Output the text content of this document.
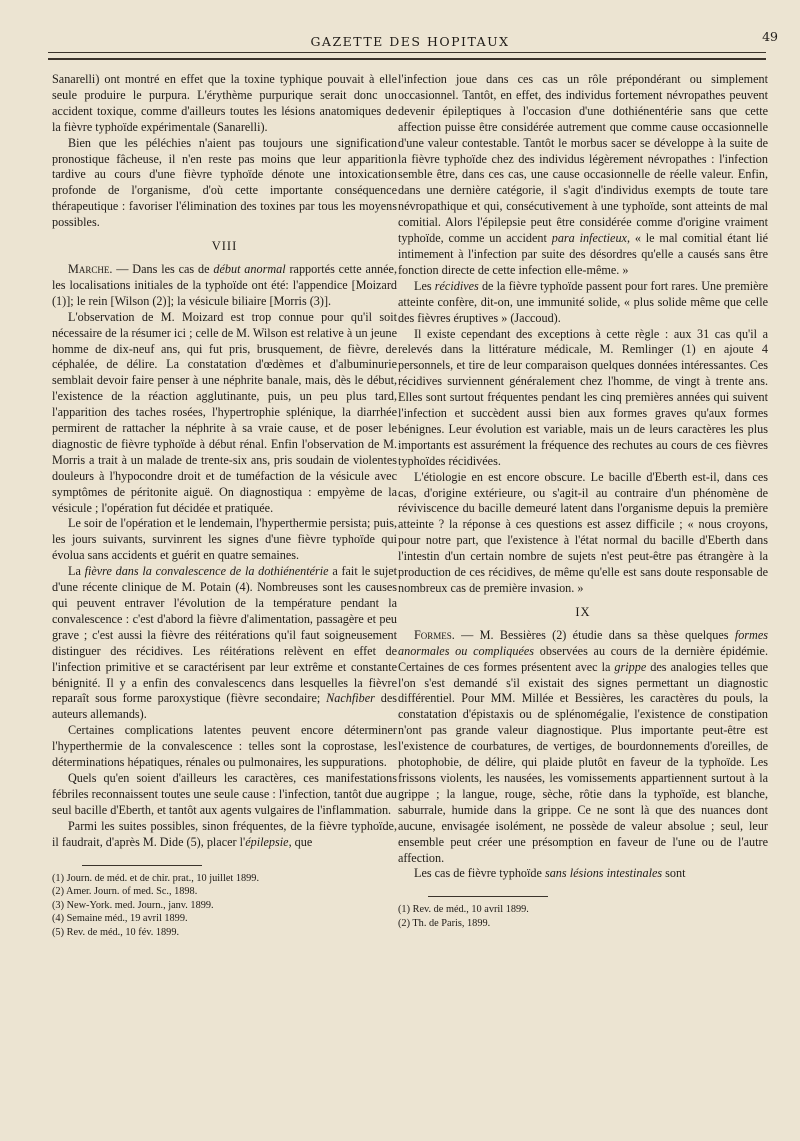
GAZETTE DES HOPITAUX	49

Sanarelli) ont montré en effet que la toxine typhique pouvait à elle seule produire le purpura. L'érythème purpurique serait donc un accident toxique, comme d'ailleurs toutes les lésions anatomiques de la fièvre typhoïde expérimentale (Sanarelli).

Bien que les péléchies n'aient pas toujours une signification pronostique fâcheuse, il n'en reste pas moins que leur apparition tardive au cours d'une fièvre typhoïde dénote une intoxication profonde de l'organisme, d'où cette importante conséquence thérapeutique : favoriser l'élimination des toxines par tous les moyens possibles.

VIII

Marche. — Dans les cas de début anormal rapportés cette année, les localisations initiales de la typhoïde ont été: l'appendice [Moizard (1)]; le rein [Wilson (2)]; la vésicule biliaire [Morris (3)].

L'observation de M. Moizard est trop connue pour qu'il soit nécessaire de la résumer ici ; celle de M. Wilson est relative à un jeune homme de dix-neuf ans, qui fut pris, brusquement, de fièvre, de céphalée, de délire. La constatation d'œdèmes et d'albuminurie semblait devoir faire penser à une néphrite banale, mais, dès le début, l'existence de la réaction agglutinante, puis, un peu plus tard, l'apparition des taches rosées, l'hypertrophie splénique, la diarrhée permirent de rattacher la néphrite à sa vraie cause, et de poser le diagnostic de fièvre typhoïde à début rénal. Enfin l'observation de M. Morris a trait à un malade de trente-six ans, pris soudain de violentes douleurs à l'hypocondre droit et de tuméfaction de la vésicule avec symptômes de péritonite aiguë. On diagnostiqua : empyème de la vésicule ; l'opération fut décidée et pratiquée.

Le soir de l'opération et le lendemain, l'hyperthermie persista; puis, les jours suivants, survinrent les signes d'une fièvre typhoïde qui évolua sans accidents et guérit en quatre semaines.

La fièvre dans la convalescence de la dothiénentérie a fait le sujet d'une récente clinique de M. Potain (4). Nombreuses sont les causes qui peuvent entraver l'évolution de la température pendant la convalescence : c'est d'abord la fièvre d'alimentation, passagère et peu grave ; c'est aussi la fièvre des réitérations qu'il faut soigneusement distinguer des récidives. Les réitérations relèvent en effet de l'infection primitive et se caractérisent par leur extrême et constante bénignité. Il y a enfin des convalescencs dans lesquelles la fièvre reparaît sous forme paroxystique (fièvre secondaire; Nachfiber des auteurs allemands).

Certaines complications latentes peuvent encore déterminer l'hyperthermie de la convalescence : telles sont la coprostase, les déterminations hépatiques, rénales ou pulmonaires, les suppurations.

Quels qu'en soient d'ailleurs les caractères, ces manifestations fébriles reconnaissent toutes une seule cause : l'infection, tantôt due au seul bacille d'Eberth, et tantôt aux agents vulgaires de l'inflammation.

Parmi les suites possibles, sinon fréquentes, de la fièvre typhoïde, il faudrait, d'après M. Dide (5), placer l'épilepsie, que

(1) Journ. de méd. et de chir. prat., 10 juillet 1899.
(2) Amer. Journ. of med. Sc., 1898.
(3) New-York. med. Journ., janv. 1899.
(4) Semaine méd., 19 avril 1899.
(5) Rev. de méd., 10 fév. 1899.

l'infection joue dans ces cas un rôle prépondérant ou simplement occasionnel. Tantôt, en effet, des individus fortement névropathes peuvent devenir épileptiques à l'occasion d'une dothiénentérie sans que cette affection puisse être considérée autrement que comme cause occasionnelle d'une valeur contestable. Tantôt le morbus sacer se développe à la suite de la fièvre typhoïde chez des individus légèrement névropathes : l'infection semble être, dans ces cas, une cause occasionnelle de réelle valeur. Enfin, dans une dernière catégorie, il s'agit d'individus exempts de toute tare névropathique et qui, consécutivement à une typhoïde, sont atteints de mal comitial. Alors l'épilepsie peut être considérée comme d'origine vraiment typhoïde, comme un accident para infectieux, « le mal comitial étant lié intimement à l'infection par suite des désordres qu'elle a causés sans être fonction directe de cette infection elle-même. »

Les récidives de la fièvre typhoïde passent pour fort rares. Une première atteinte confère, dit-on, une immunité solide, « plus solide même que celle des fièvres éruptives » (Jaccoud).

Il existe cependant des exceptions à cette règle : aux 31 cas qu'il a relevés dans la littérature médicale, M. Remlinger (1) en ajoute 4 personnels, et tire de leur comparaison quelques données intéressantes. Ces récidives surviennent généralement chez l'homme, de vingt à trente ans. Elles sont surtout fréquentes pendant les cinq premières années qui suivent l'infection et succèdent aussi bien aux formes graves qu'aux formes bénignes. Leur évolution est variable, mais un de leurs caractères les plus importants est assurément la fréquence des rechutes au cours de ces fièvres typhoïdes récidivées.

L'étiologie en est encore obscure. Le bacille d'Eberth est-il, dans ces cas, d'origine extérieure, ou s'agit-il au contraire d'un phénomène de réviviscence du bacille demeuré latent dans l'organisme depuis la première atteinte ? la réponse à ces questions est assez difficile ; « nous croyons, pour notre part, que l'existence à l'état normal du bacille d'Eberth dans l'intestin d'un certain nombre de sujets n'est peut-être pas étrangère à la production de ces récidives, de même qu'elle est sans doute responsable de nombreux cas de première invasion. »

IX

Formes. — M. Bessières (2) étudie dans sa thèse quelques formes anormales ou compliquées observées au cours de la dernière épidémie. Certaines de ces formes présentent avec la grippe des analogies telles que l'on s'est demandé s'il existait des signes permettant un diagnostic différentiel. Pour MM. Millée et Bessières, les caractères du pouls, la constatation d'épistaxis ou de splénomégalie, l'existence de constipation n'ont pas grande valeur diagnostique. Plus importante peut-être est l'existence de courbatures, de vertiges, de bourdonnements d'oreilles, de photophobie, de délire, qui plaide plutôt en faveur de la typhoïde. Les frissons violents, les nausées, les vomissements appartiennent surtout à la grippe ; la langue, rouge, sèche, rôtie dans la typhoïde, est blanche, saburrale, humide dans la grippe. Ce ne sont là que des nuances dont aucune, envisagée isolément, ne possède de valeur absolue ; seul, leur ensemble peut créer une présomption en faveur de l'une ou de l'autre affection.

Les cas de fièvre typhoïde sans lésions intestinales sont

(1) Rev. de méd., 10 avril 1899.
(2) Th. de Paris, 1899.
